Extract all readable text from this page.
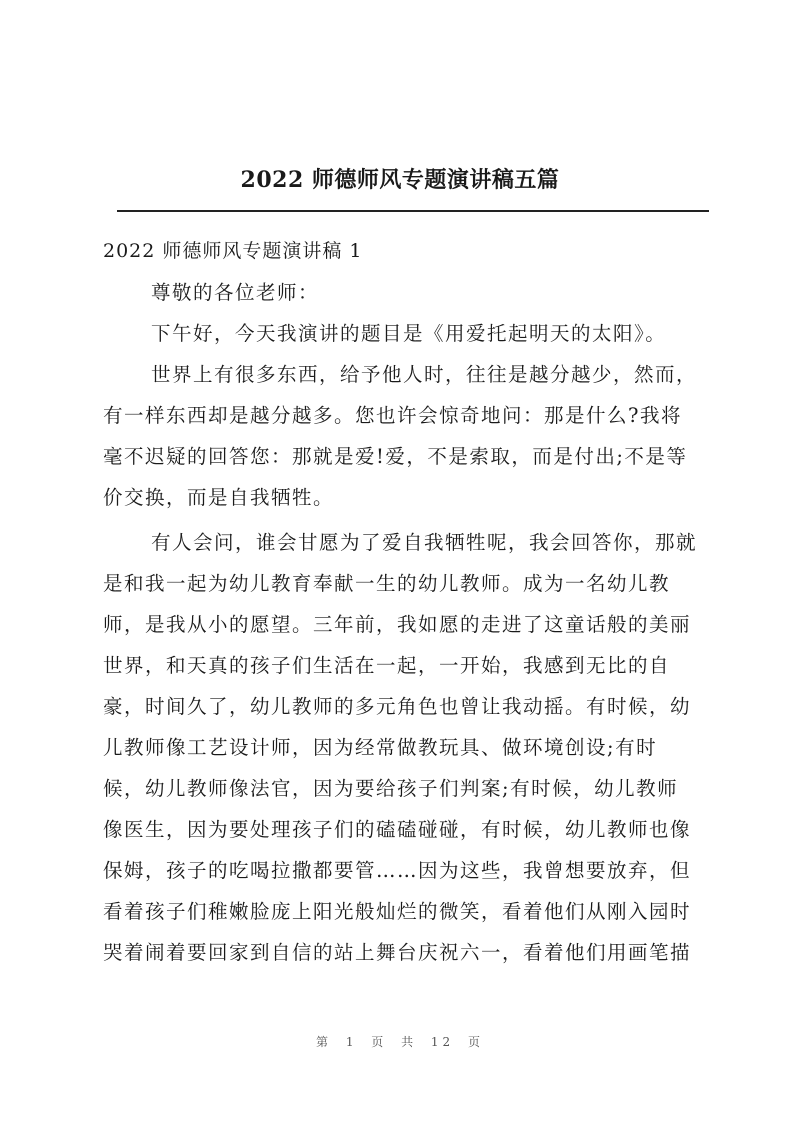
2022 师德师风专题演讲稿五篇
2022 师德师风专题演讲稿 1
尊敬的各位老师：
下午好，今天我演讲的题目是《用爱托起明天的太阳》。
世界上有很多东西，给予他人时，往往是越分越少，然而，
有一样东西却是越分越多。您也许会惊奇地问：那是什么?我将
毫不迟疑的回答您：那就是爱!爱，不是索取，而是付出;不是等
价交换，而是自我牺牲。
有人会问，谁会甘愿为了爱自我牺牲呢，我会回答你，那就
是和我一起为幼儿教育奉献一生的幼儿教师。成为一名幼儿教
师，是我从小的愿望。三年前，我如愿的走进了这童话般的美丽
世界，和天真的孩子们生活在一起，一开始，我感到无比的自
豪，时间久了，幼儿教师的多元角色也曾让我动摇。有时候，幼
儿教师像工艺设计师，因为经常做教玩具、做环境创设;有时
候，幼儿教师像法官，因为要给孩子们判案;有时候，幼儿教师
像医生，因为要处理孩子们的磕磕碰碰，有时候，幼儿教师也像
保姆，孩子的吃喝拉撒都要管……因为这些，我曾想要放弃，但
看着孩子们稚嫩脸庞上阳光般灿烂的微笑，看着他们从刚入园时
哭着闹着要回家到自信的站上舞台庆祝六一，看着他们用画笔描
第 1 页 共 12 页
